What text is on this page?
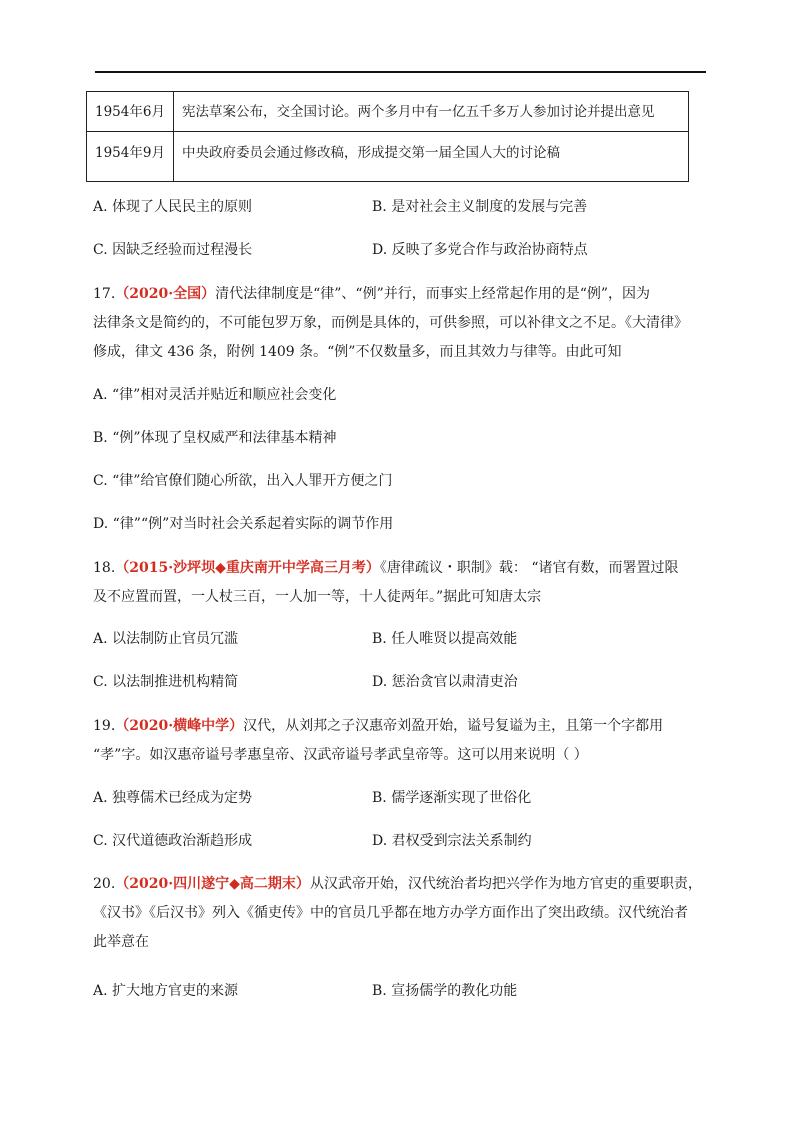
1954年6月	宪法草案公布，交全国讨论。两个多月中有一亿五千多万人参加讨论并提出意见
1954年9月	中央政府委员会通过修改稿，形成提交第一届全国人大的讨论稿
A. 体现了人民民主的原则	B. 是对社会主义制度的发展与完善
C. 因缺乏经验而过程漫长	D. 反映了多党合作与政治协商特点
17.（2020·全国）清代法律制度是“律”、“例”并行，而事实上经常起作用的是“例”，因为
法律条文是简约的，不可能包罗万象，而例是具体的，可供参照，可以补律文之不足。《大清律》
修成，律文 436 条，附例 1409 条。“例”不仅数量多，而且其效力与律等。由此可知
A. “律”相对灵活并贴近和顺应社会变化
B. “例”体现了皇权威严和法律基本精神
C. “律”给官僚们随心所欲，出入人罪开方便之门
D. “律”“例”对当时社会关系起着实际的调节作用
18.（2015·沙坪坝◆重庆南开中学高三月考）《唐律疏议・职制》载： “诸官有数，而署置过限
及不应置而置，一人杖三百，一人加一等，十人徒两年。”据此可知唐太宗
A. 以法制防止官员冗滥	B. 任人唯贤以提高效能
C. 以法制推进机构精简	D. 惩治贪官以肃清吏治
19.（2020·横峰中学）汉代，从刘邦之子汉惠帝刘盈开始，谥号复谥为主，且第一个字都用
“孝”字。如汉惠帝谥号孝惠皇帝、汉武帝谥号孝武皇帝等。这可以用来说明（ ）
A. 独尊儒术已经成为定势	B. 儒学逐渐实现了世俗化
C. 汉代道德政治渐趋形成	D. 君权受到宗法关系制约
20.（2020·四川遂宁◆高二期末）从汉武帝开始，汉代统治者均把兴学作为地方官吏的重要职责，
《汉书》《后汉书》列入《循吏传》中的官员几乎都在地方办学方面作出了突出政绩。汉代统治者
此举意在
A. 扩大地方官吏的来源	B. 宣扬儒学的教化功能
